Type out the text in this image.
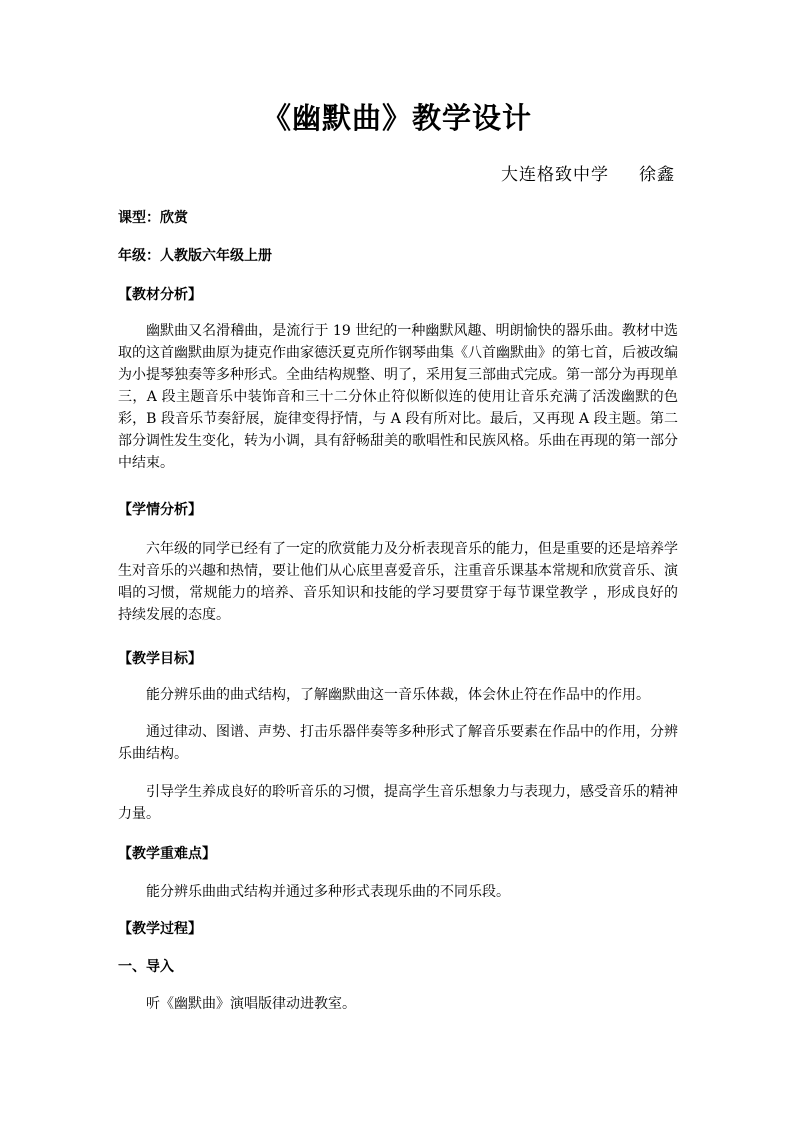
《幽默曲》教学设计
大连格致中学 徐鑫
课型：欣赏
年级：人教版六年级上册
【教材分析】
幽默曲又名滑稽曲，是流行于 19 世纪的一种幽默风趣、明朗愉快的器乐曲。教材中选取的这首幽默曲原为捷克作曲家德沃夏克所作钢琴曲集《八首幽默曲》的第七首，后被改编为小提琴独奏等多种形式。全曲结构规整、明了，采用复三部曲式完成。第一部分为再现单三，A 段主题音乐中装饰音和三十二分休止符似断似连的使用让音乐充满了活泼幽默的色彩，B 段音乐节奏舒展，旋律变得抒情，与 A 段有所对比。最后，又再现 A 段主题。第二部分调性发生变化，转为小调，具有舒畅甜美的歌唱性和民族风格。乐曲在再现的第一部分中结束。
【学情分析】
六年级的同学已经有了一定的欣赏能力及分析表现音乐的能力，但是重要的还是培养学生对音乐的兴趣和热情，要让他们从心底里喜爱音乐，注重音乐课基本常规和欣赏音乐、演唱的习惯，常规能力的培养、音乐知识和技能的学习要贯穿于每节课堂教学 ，形成良好的持续发展的态度。
【教学目标】
能分辨乐曲的曲式结构，了解幽默曲这一音乐体裁，体会休止符在作品中的作用。
通过律动、图谱、声势、打击乐器伴奏等多种形式了解音乐要素在作品中的作用，分辨乐曲结构。
引导学生养成良好的聆听音乐的习惯，提高学生音乐想象力与表现力，感受音乐的精神力量。
【教学重难点】
能分辨乐曲曲式结构并通过多种形式表现乐曲的不同乐段。
【教学过程】
一、导入
听《幽默曲》演唱版律动进教室。
